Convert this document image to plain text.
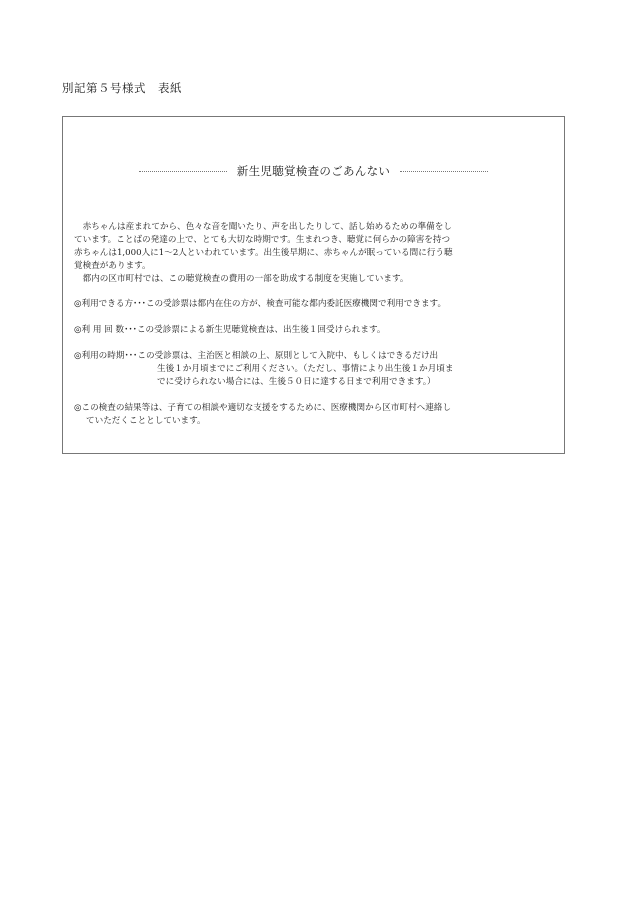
別記第５号様式　表紙
新生児聴覚検査のごあんない

赤ちゃんは産まれてから、色々な音を聞いたり、声を出したりして、話し始めるための準備をし

ています。ことばの発達の上で、とても大切な時期です。生まれつき、聴覚に何らかの障害を持つ

赤ちゃんは1,000人に1〜2人といわれています。出生後早期に、赤ちゃんが眠っている間に行う聴

覚検査があります。

都内の区市町村では、この聴覚検査の費用の一部を助成する制度を実施しています。

◎利用できる方･･･この受診票は都内在住の方が、検査可能な都内委託医療機関で利用できます。

◎利 用 回 数･･･この受診票による新生児聴覚検査は、出生後１回受けられます。

◎利用の時期･･･この受診票は、主治医と相談の上、原則として入院中、もしくはできるだけ出

生後１か月頃までにご利用ください。（ただし、事情により出生後１か月頃ま

でに受けられない場合には、生後５０日に達する日まで利用できます。）

◎この検査の結果等は、子育ての相談や適切な支援をするために、医療機関から区市町村へ連絡し

ていただくこととしています。
